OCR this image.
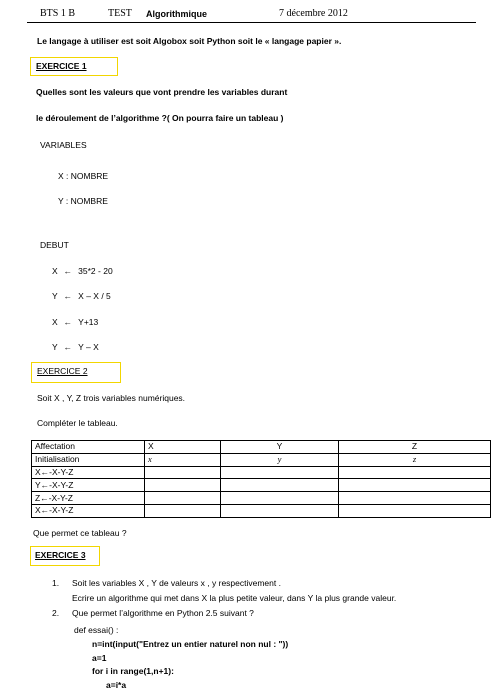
BTS 1 B	TEST Algorithmique	7 décembre 2012
Le langage à utiliser est soit Algobox soit Python soit le « langage papier ».
EXERCICE 1
Quelles sont les valeurs que vont prendre les variables durant
le déroulement de l’algorithme ?( On pourra faire un tableau )
VARIABLES
X : NOMBRE
Y : NOMBRE
DEBUT
X ← 35*2 - 20
Y ← X – X / 5
X ← Y+13
Y ← Y – X
EXERCICE 2
Soit X , Y, Z trois variables numériques.
Compléter le tableau.
Affectation	X	Y	Z
Initialisation	x	y	z
X←-X-Y-Z			
Y←-X-Y-Z			
Z←-X-Y-Z			
X←-X-Y-Z			
Que permet ce tableau ?
EXERCICE 3
1. Soit les variables X , Y de valeurs x , y respectivement .
Ecrire un algorithme qui met dans X la plus petite valeur, dans Y la plus grande valeur.
2. Que permet l’algorithme en Python 2.5 suivant ?
def essai() :
n=int(input("Entrez un entier naturel non nul : "))
a=1
for i in range(1,n+1):
a=i*a
